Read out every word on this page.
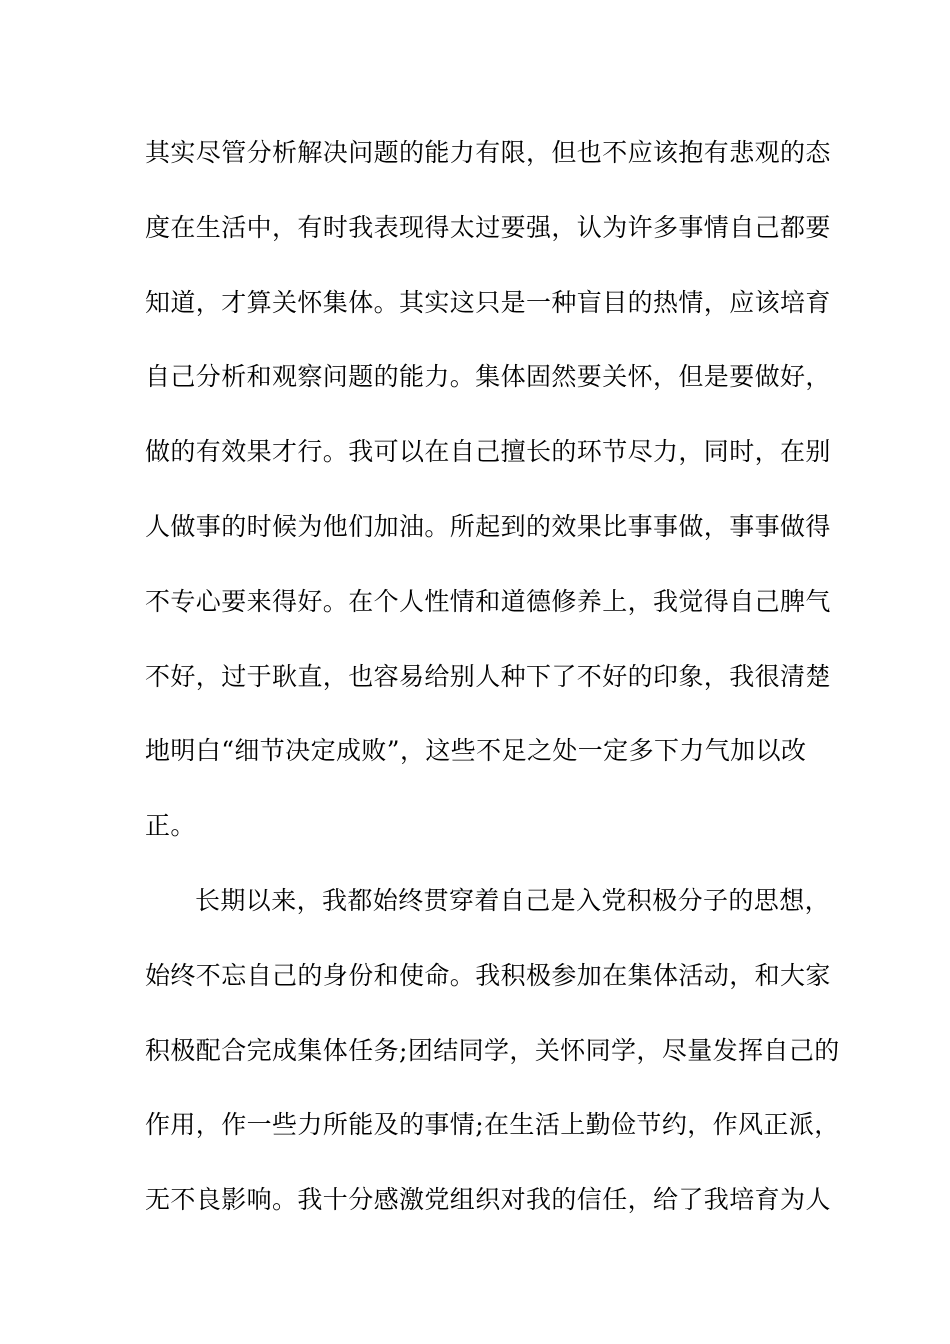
其实尽管分析解决问题的能力有限，但也不应该抱有悲观的态
度在生活中，有时我表现得太过要强，认为许多事情自己都要
知道，才算关怀集体。其实这只是一种盲目的热情，应该培育
自己分析和观察问题的能力。集体固然要关怀，但是要做好，
做的有效果才行。我可以在自己擅长的环节尽力，同时，在别
人做事的时候为他们加油。所起到的效果比事事做，事事做得
不专心要来得好。在个人性情和道德修养上，我觉得自己脾气
不好，过于耿直，也容易给别人种下了不好的印象，我很清楚
地明白“细节决定成败”，这些不足之处一定多下力气加以改
正。
长期以来，我都始终贯穿着自己是入党积极分子的思想，
始终不忘自己的身份和使命。我积极参加在集体活动，和大家
积极配合完成集体任务;团结同学，关怀同学，尽量发挥自己的
作用，作一些力所能及的事情;在生活上勤俭节约，作风正派，
无不良影响。我十分感激党组织对我的信任，给了我培育为人
